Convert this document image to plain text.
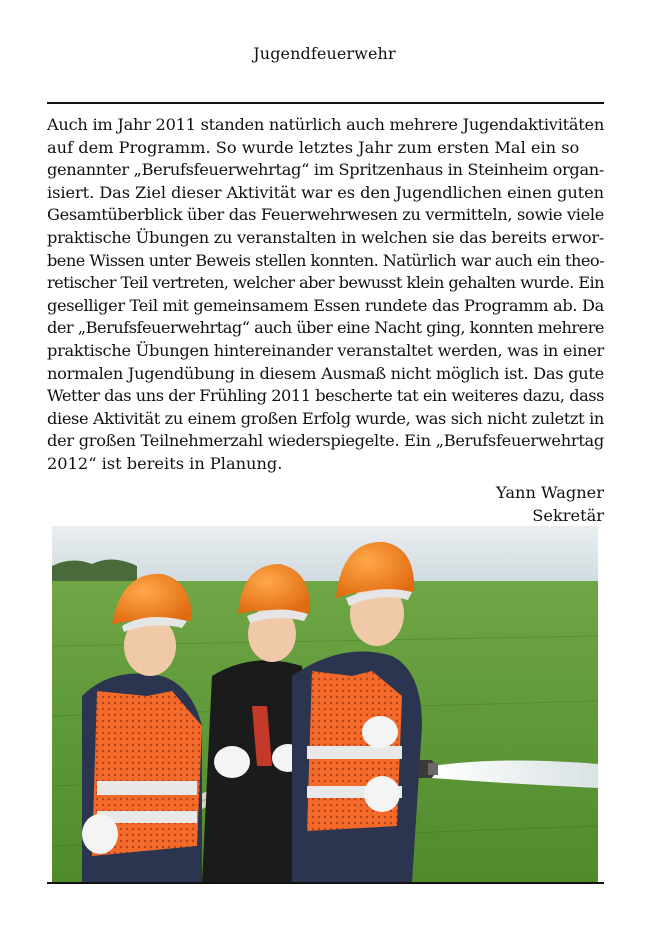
Jugendfeuerwehr
Auch im Jahr 2011 standen natürlich auch mehrere Jugendaktivitäten
auf dem Programm. So wurde letztes Jahr zum ersten Mal ein so
genannter „Berufsfeuerwehrtag“ im Spritzenhaus in Steinheim organ-
isiert. Das Ziel dieser Aktivität war es den Jugendlichen einen guten
Gesamtüberblick über das Feuerwehrwesen zu vermitteln, sowie viele
praktische Übungen zu veranstalten in welchen sie das bereits erwor-
bene Wissen unter Beweis stellen konnten. Natürlich war auch ein theo-
retischer Teil vertreten, welcher aber bewusst klein gehalten wurde. Ein
geselliger Teil mit gemeinsamem Essen rundete das Programm ab. Da
der „Berufsfeuerwehrtag“ auch über eine Nacht ging, konnten mehrere
praktische Übungen hintereinander veranstaltet werden, was in einer
normalen Jugendübung in diesem Ausmaß nicht möglich ist. Das gute
Wetter das uns der Frühling 2011 bescherte tat ein weiteres dazu, dass
diese Aktivität zu einem großen Erfolg wurde, was sich nicht zuletzt in
der großen Teilnehmerzahl wiederspiegelte. Ein „Berufsfeuerwehrtag
2012“ ist bereits in Planung.
Yann Wagner
Sekretär
